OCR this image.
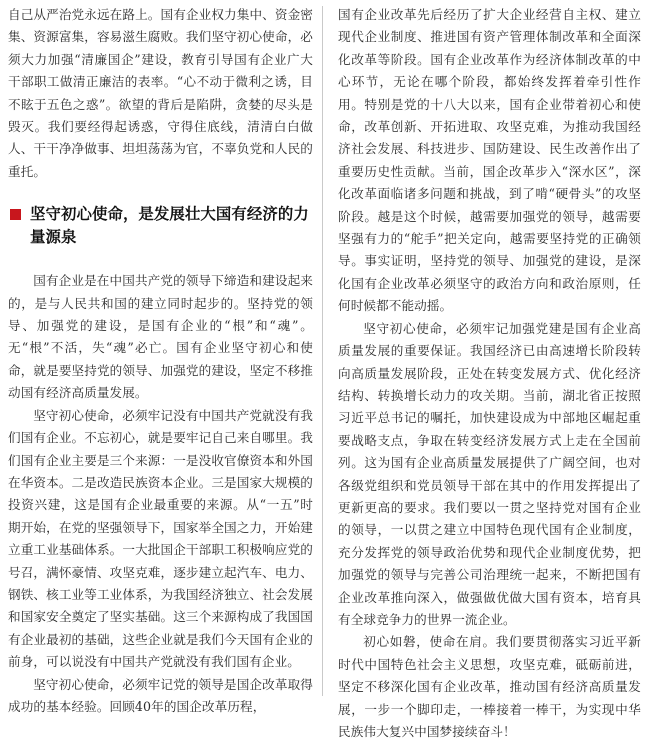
自己从严治党永远在路上。国有企业权力集中、资金密集、资源富集，容易滋生腐败。我们坚守初心使命，必须大力加强“清廉国企”建设，教育引导国有企业广大干部职工做清正廉洁的表率。“心不动于微利之诱，目不眩于五色之惑”。欲望的背后是陷阱，贪婪的尽头是毁灭。我们要经得起诱惑，守得住底线，清清白白做人、干干净净做事、坦坦荡荡为官，不辜负党和人民的重托。

坚守初心使命，是发展壮大国有经济的力量源泉

国有企业是在中国共产党的领导下缔造和建设起来的，是与人民共和国的建立同时起步的。坚持党的领导、加强党的建设，是国有企业的“根”和“魂”。无“根”不活，失“魂”必亡。国有企业坚守初心和使命，就是要坚持党的领导、加强党的建设，坚定不移推动国有经济高质量发展。

坚守初心使命，必须牢记没有中国共产党就没有我们国有企业。不忘初心，就是要牢记自己来自哪里。我们国有企业主要是三个来源：一是没收官僚资本和外国在华资本。二是改造民族资本企业。三是国家大规模的投资兴建，这是国有企业最重要的来源。从“一五”时期开始，在党的坚强领导下，国家举全国之力，开始建立重工业基础体系。一大批国企干部职工积极响应党的号召，满怀豪情、攻坚克难，逐步建立起汽车、电力、钢铁、核工业等工业体系，为我国经济独立、社会发展和国家安全奠定了坚实基础。这三个来源构成了我国国有企业最初的基础，这些企业就是我们今天国有企业的前身，可以说没有中国共产党就没有我们国有企业。

坚守初心使命，必须牢记党的领导是国企改革取得成功的基本经验。回顾40年的国企改革历程，

国有企业改革先后经历了扩大企业经营自主权、建立现代企业制度、推进国有资产管理体制改革和全面深化改革等阶段。国有企业改革作为经济体制改革的中心环节，无论在哪个阶段，都始终发挥着牵引性作用。特别是党的十八大以来，国有企业带着初心和使命，改革创新、开拓进取、攻坚克难，为推动我国经济社会发展、科技进步、国防建设、民生改善作出了重要历史性贡献。当前，国企改革步入“深水区”，深化改革面临诸多问题和挑战，到了啃“硬骨头”的攻坚阶段。越是这个时候，越需要加强党的领导，越需要坚强有力的“舵手”把关定向，越需要坚持党的正确领导。事实证明，坚持党的领导、加强党的建设，是深化国有企业改革必须坚守的政治方向和政治原则，任何时候都不能动摇。

坚守初心使命，必须牢记加强党建是国有企业高质量发展的重要保证。我国经济已由高速增长阶段转向高质量发展阶段，正处在转变发展方式、优化经济结构、转换增长动力的攻关期。当前，湖北省正按照习近平总书记的嘱托，加快建设成为中部地区崛起重要战略支点，争取在转变经济发展方式上走在全国前列。这为国有企业高质量发展提供了广阔空间，也对各级党组织和党员领导干部在其中的作用发挥提出了更新更高的要求。我们要以一贯之坚持党对国有企业的领导，一以贯之建立中国特色现代国有企业制度，充分发挥党的领导政治优势和现代企业制度优势，把加强党的领导与完善公司治理统一起来，不断把国有企业改革推向深入，做强做优做大国有资本，培育具有全球竞争力的世界一流企业。

初心如磐，使命在肩。我们要贯彻落实习近平新时代中国特色社会主义思想，攻坚克难，砥砺前进，坚定不移深化国有企业改革，推动国有经济高质量发展，一步一个脚印走，一棒接着一棒干，为实现中华民族伟大复兴中国梦接续奋斗！
